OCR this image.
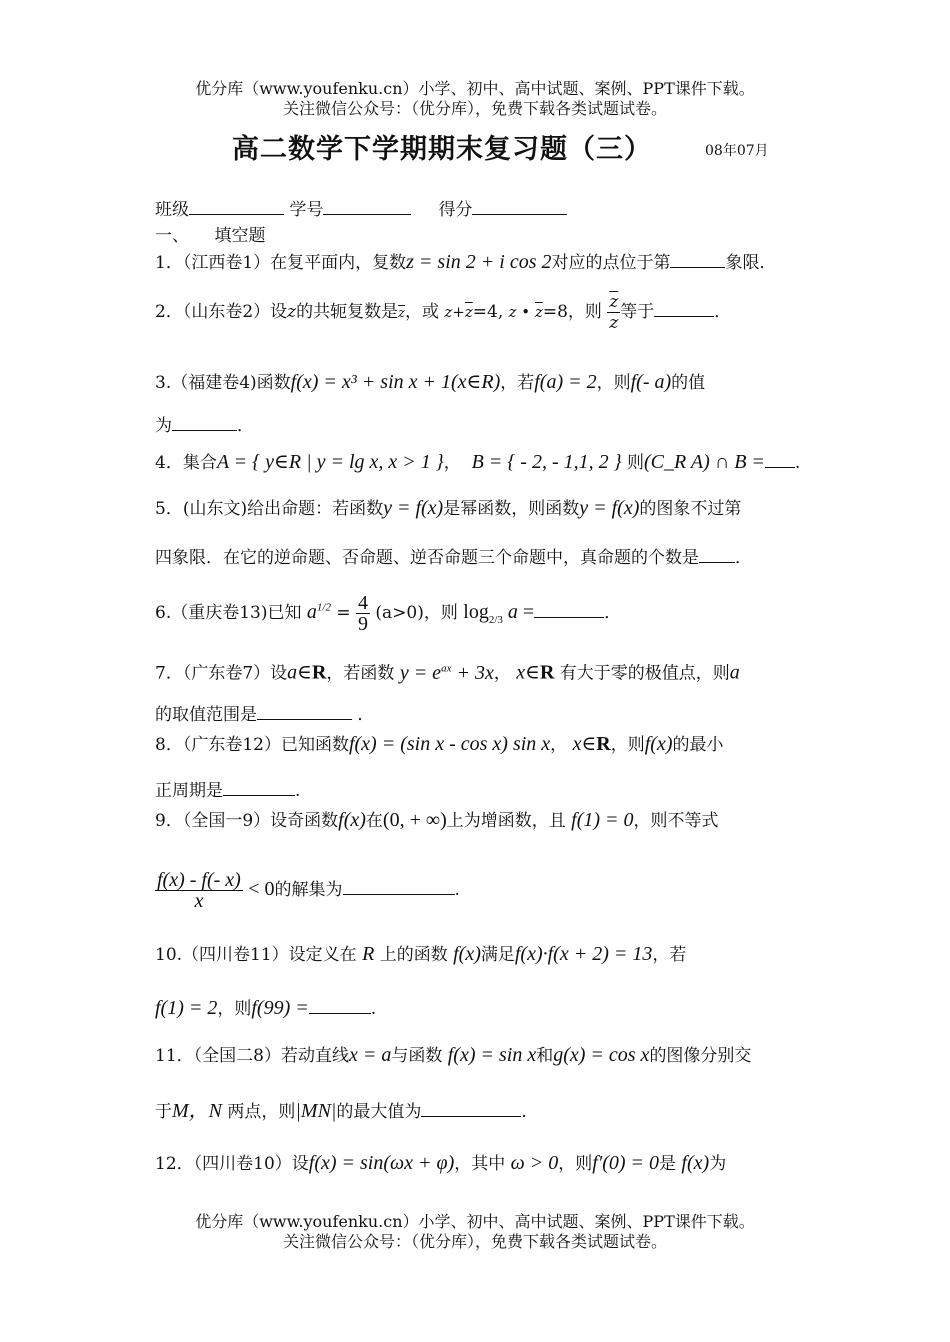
优分库（www.youfenku.cn）小学、初中、高中试题、案例、PPT课件下载。
关注微信公众号：（优分库），免费下载各类试题试卷。
高二数学下学期期末复习题（三）	08年07月
班级	学号	得分
一、　　填空题
1．（江西卷1）在复平面内，复数z = sin 2 + i cos 2对应的点位于第	象限．
2．（山东卷2）设z的共轭复数是$\overline{z}$，或 $z+\overline{z}=4$, z • $\overline{z}=8$，则 $\frac{\overline{z}}{z}$ 等于	．
3.（福建卷4)函数f(x) = x³ + sin x + 1(x∈R)，若f(a) = 2，则f(- a)的值
为	．
4．集合A = { y∈R | y = lg x, x > 1 }， B = { - 2, - 1,1, 2 } 则(C_R A) ∩ B = .
5．(山东文)给出命题：若函数y = f(x)是幂函数，则函数y = f(x)的图象不过第
四象限．在它的逆命题、否命题、逆否命题三个命题中，真命题的个数是 ．
6.（重庆卷13)已知 $a^{1/2} = \frac{4}{9} (a>0)$，则 $\log_{2/3} a$ =	．
7．（广东卷7）设a∈R，若函数 $y = e^{ax} + 3x$， x∈R 有大于零的极值点，则a
的取值范围是	．
8．（广东卷12）已知函数f(x) = (sin x - cos x) sin x， x∈R，则f(x)的最小
正周期是	.
9．（全国一9）设奇函数f(x)在(0, + ∞)上为增函数，且 f(1) = 0，则不等式
$\frac{f(x) - f(- x)}{x} < 0$的解集为	.
10.（四川卷11）设定义在 R 上的函数 f(x)满足f(x)·f(x + 2) = 13，若
f(1) = 2，则f(99) =	.
11．（全国二8）若动直线x = a与函数 f(x) = sin x和g(x) = cos x的图像分别交
于M，N 两点，则|MN|的最大值为	.
12．（四川卷10）设f(x) = sin(ωx + φ)，其中 ω > 0，则f′(0) = 0是 f(x)为
优分库（www.youfenku.cn）小学、初中、高中试题、案例、PPT课件下载。
关注微信公众号：（优分库），免费下载各类试题试卷。
